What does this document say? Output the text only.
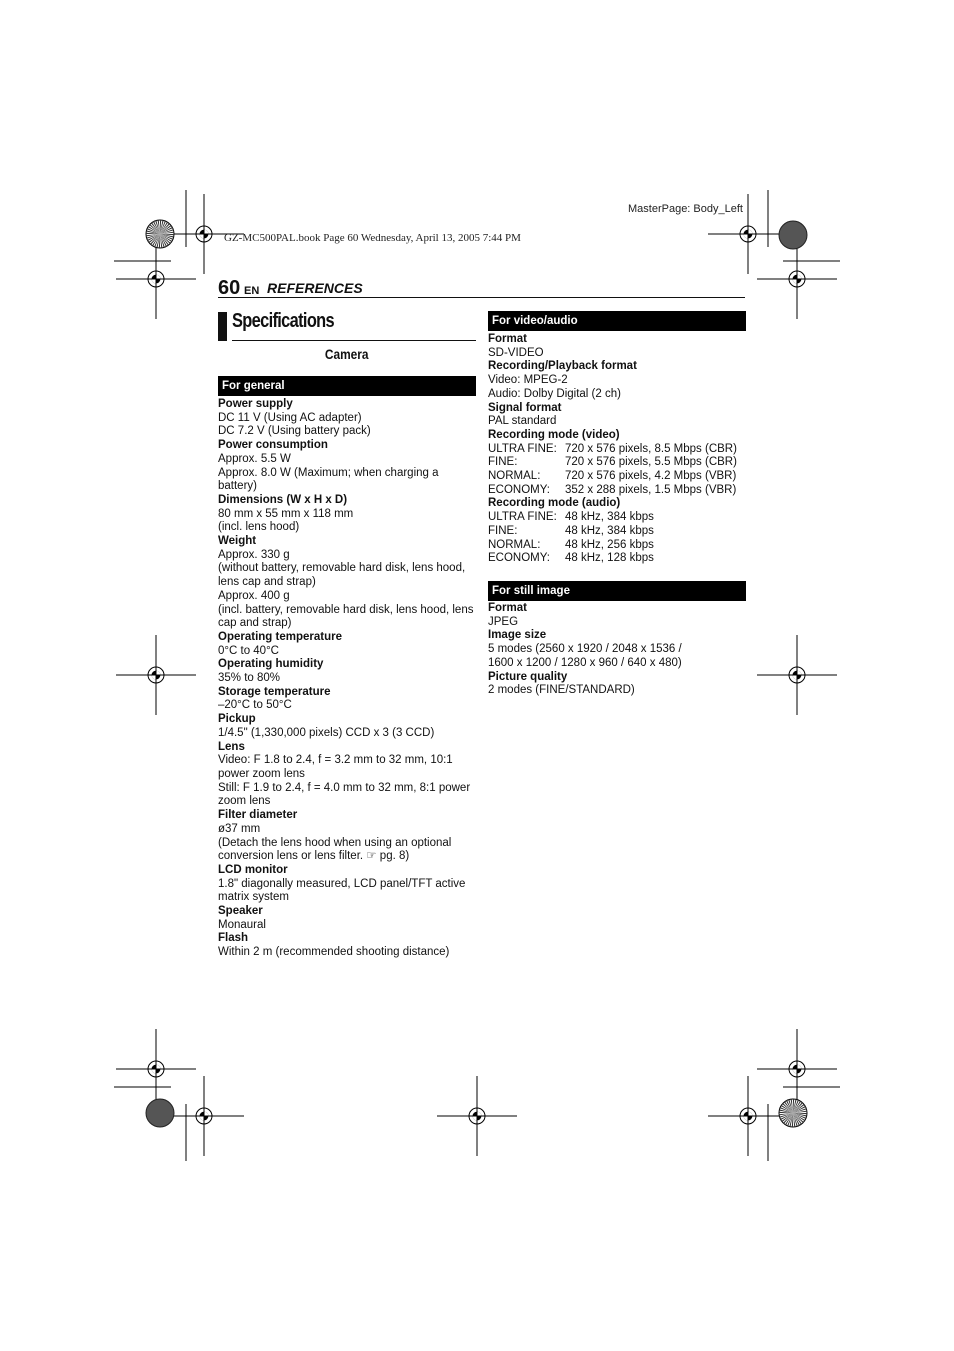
MasterPage: Body_Left
GZ-MC500PAL.book Page 60 Wednesday, April 13, 2005 7:44 PM
60 EN REFERENCES
Specifications
Camera
For general
Power supply
DC 11 V (Using AC adapter)
DC 7.2 V (Using battery pack)
Power consumption
Approx. 5.5 W
Approx. 8.0 W (Maximum; when charging a battery)
Dimensions (W x H x D)
80 mm x 55 mm x 118 mm
(incl. lens hood)
Weight
Approx. 330 g
(without battery, removable hard disk, lens hood, lens cap and strap)
Approx. 400 g
(incl. battery, removable hard disk, lens hood, lens cap and strap)
Operating temperature
0°C to 40°C
Operating humidity
35% to 80%
Storage temperature
–20°C to 50°C
Pickup
1/4.5" (1,330,000 pixels) CCD x 3 (3 CCD)
Lens
Video: F 1.8 to 2.4, f = 3.2 mm to 32 mm, 10:1 power zoom lens
Still: F 1.9 to 2.4, f = 4.0 mm to 32 mm, 8:1 power zoom lens
Filter diameter
ø37 mm
(Detach the lens hood when using an optional conversion lens or lens filter. ☞ pg. 8)
LCD monitor
1.8" diagonally measured, LCD panel/TFT active matrix system
Speaker
Monaural
Flash
Within 2 m (recommended shooting distance)
For video/audio
Format
SD-VIDEO
Recording/Playback format
Video: MPEG-2
Audio: Dolby Digital (2 ch)
Signal format
PAL standard
Recording mode (video)
ULTRA FINE: 720 x 576 pixels, 8.5 Mbps (CBR)
FINE:	720 x 576 pixels, 5.5 Mbps (CBR)
NORMAL:	720 x 576 pixels, 4.2 Mbps (VBR)
ECONOMY:	352 x 288 pixels, 1.5 Mbps (VBR)
Recording mode (audio)
ULTRA FINE: 48 kHz, 384 kbps
FINE:	48 kHz, 384 kbps
NORMAL:	48 kHz, 256 kbps
ECONOMY:	48 kHz, 128 kbps
For still image
Format
JPEG
Image size
5 modes (2560 x 1920 / 2048 x 1536 /
1600 x 1200 / 1280 x 960 / 640 x 480)
Picture quality
2 modes (FINE/STANDARD)
